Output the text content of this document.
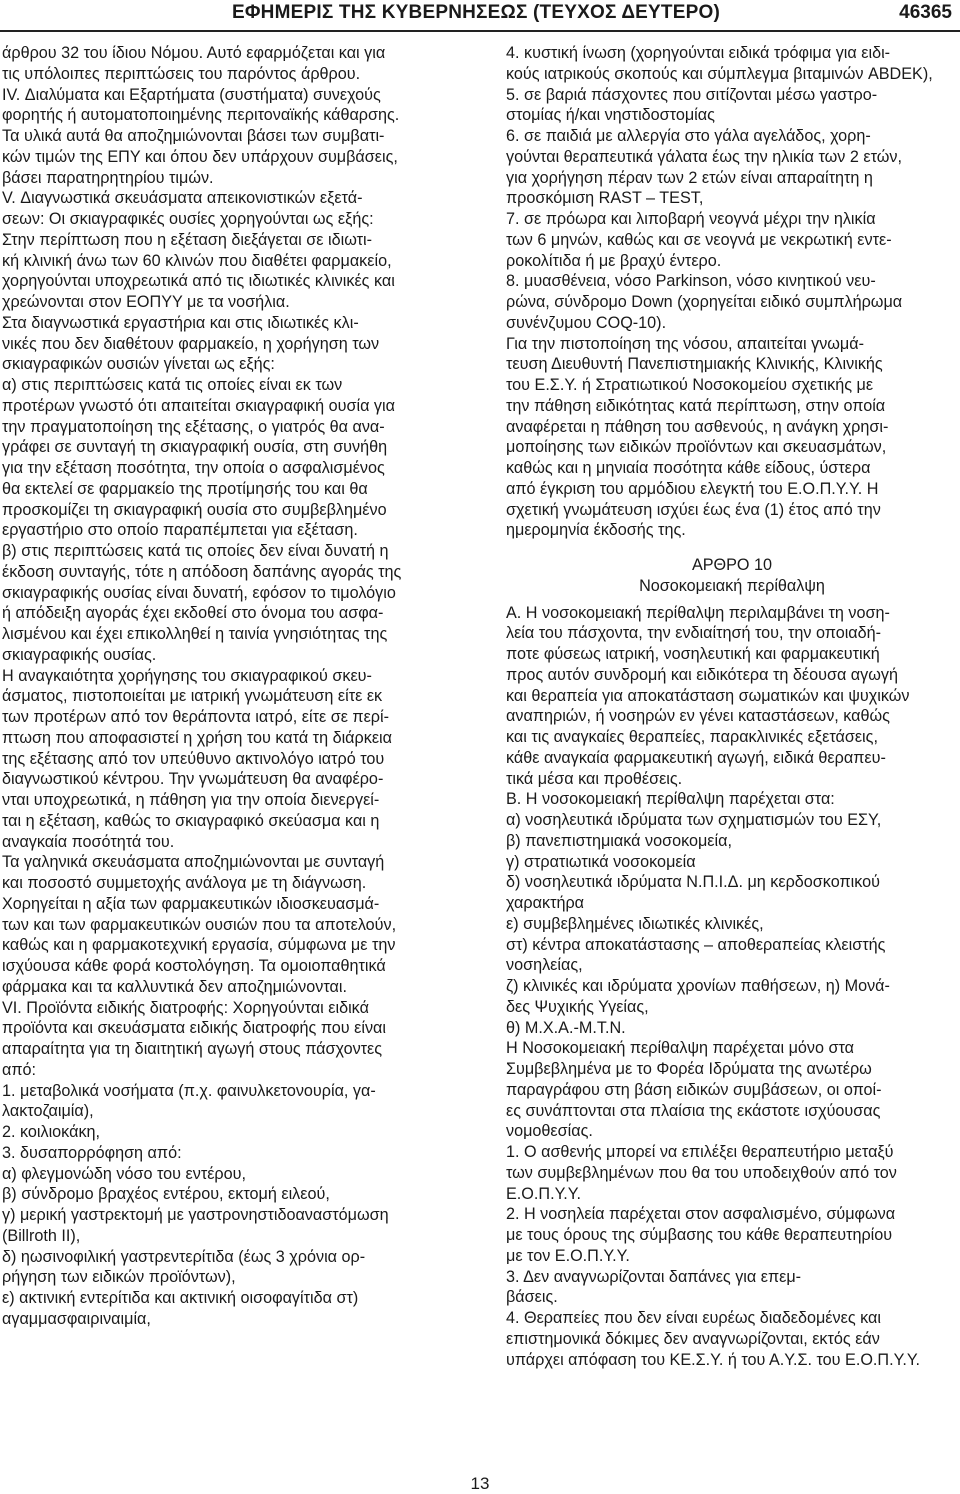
ΕΦΗΜΕΡΙΣ ΤΗΣ ΚΥΒΕΡΝΗΣΕΩΣ (ΤΕΥΧΟΣ ΔΕΥΤΕΡΟ)	46365
άρθρου 32 του ίδιου Νόμου. Αυτό εφαρμόζεται και για
τις υπόλοιπες περιπτώσεις του παρόντος άρθρου.
IV. Διαλύματα και Εξαρτήματα (συστήματα) συνεχούς
φορητής ή αυτοματοποιημένης περιτοναϊκής κάθαρσης.
Τα υλικά αυτά θα αποζημιώνονται βάσει των συμβατι-
κών τιμών της ΕΠΥ και όπου δεν υπάρχουν συμβάσεις,
βάσει παρατηρητηρίου τιμών.
V. Διαγνωστικά σκευάσματα απεικονιστικών εξετά-
σεων: Οι σκιαγραφικές ουσίες χορηγούνται ως εξής:
Στην περίπτωση που η εξέταση διεξάγεται σε ιδιωτι-
κή κλινική άνω των 60 κλινών που διαθέτει φαρμακείο,
χορηγούνται υποχρεωτικά από τις ιδιωτικές κλινικές και
χρεώνονται στον ΕΟΠΥΥ με τα νοσήλια.
Στα διαγνωστικά εργαστήρια και στις ιδιωτικές κλι-
νικές που δεν διαθέτουν φαρμακείο, η χορήγηση των
σκιαγραφικών ουσιών γίνεται ως εξής:
α) στις περιπτώσεις κατά τις οποίες είναι εκ των
προτέρων γνωστό ότι απαιτείται σκιαγραφική ουσία για
την πραγματοποίηση της εξέτασης, ο γιατρός θα ανα-
γράφει σε συνταγή τη σκιαγραφική ουσία, στη συνήθη
για την εξέταση ποσότητα, την οποία ο ασφαλισμένος
θα εκτελεί σε φαρμακείο της προτίμησής του και θα
προσκομίζει τη σκιαγραφική ουσία στο συμβεβλημένο
εργαστήριο στο οποίο παραπέμπεται για εξέταση.
β) στις περιπτώσεις κατά τις οποίες δεν είναι δυνατή η
έκδοση συνταγής, τότε η απόδοση δαπάνης αγοράς της
σκιαγραφικής ουσίας είναι δυνατή, εφόσον το τιμολόγιο
ή απόδειξη αγοράς έχει εκδοθεί στο όνομα του ασφα-
λισμένου και έχει επικολληθεί η ταινία γνησιότητας της
σκιαγραφικής ουσίας.
Η αναγκαιότητα χορήγησης του σκιαγραφικού σκευ-
άσματος, πιστοποιείται με ιατρική γνωμάτευση είτε εκ
των προτέρων από τον θεράποντα ιατρό, είτε σε περί-
πτωση που αποφασιστεί η χρήση του κατά τη διάρκεια
της εξέτασης από τον υπεύθυνο ακτινολόγο ιατρό του
διαγνωστικού κέντρου. Την γνωμάτευση θα αναφέρο-
νται υποχρεωτικά, η πάθηση για την οποία διενεργεί-
ται η εξέταση, καθώς το σκιαγραφικό σκεύασμα και η
αναγκαία ποσότητά του.
Τα γαληνικά σκευάσματα αποζημιώνονται με συνταγή
και ποσοστό συμμετοχής ανάλογα με τη διάγνωση.
Χορηγείται η αξία των φαρμακευτικών ιδιοσκευασμά-
των και των φαρμακευτικών ουσιών που τα αποτελούν,
καθώς και η φαρμακοτεχνική εργασία, σύμφωνα με την
ισχύουσα κάθε φορά κοστολόγηση. Τα ομοιοπαθητικά
φάρμακα και τα καλλυντικά δεν αποζημιώνονται.
VI. Προϊόντα ειδικής διατροφής: Χορηγούνται ειδικά
προϊόντα και σκευάσματα ειδικής διατροφής που είναι
απαραίτητα για τη διαιτητική αγωγή στους πάσχοντες
από:
1. μεταβολικά νοσήματα (π.χ. φαινυλκετονουρία, γα-
λακτοζαιμία),
2. κοιλιοκάκη,
3. δυσαπορρόφηση από:
α) φλεγμονώδη νόσο του εντέρου,
β) σύνδρομο βραχέος εντέρου, εκτομή ειλεού,
γ) μερική γαστρεκτομή με γαστρονηστιδοαναστόμωση
(Billroth II),
δ) ηωσινοφιλική γαστρεντερίτιδα (έως 3 χρόνια ορ-
ρήγηση των ειδικών προϊόντων),
ε) ακτινική εντερίτιδα και ακτινική οισοφαγίτιδα στ)
αγαμμασφαιριναιμία,
4. κυστική ίνωση (χορηγούνται ειδικά τρόφιμα για ειδι-
κούς ιατρικούς σκοπούς και σύμπλεγμα βιταμινών ABDEK),
5. σε βαριά πάσχοντες που σιτίζονται μέσω γαστρο-
στομίας ή/και νηστιδοστομίας
6. σε παιδιά με αλλεργία στο γάλα αγελάδος, χορη-
γούνται θεραπευτικά γάλατα έως την ηλικία των 2 ετών,
για χορήγηση πέραν των 2 ετών είναι απαραίτητη η
προσκόμιση RAST – TEST,
7. σε πρόωρα και λιποβαρή νεογνά μέχρι την ηλικία
των 6 μηνών, καθώς και σε νεογνά με νεκρωτική εντε-
ροκολίτιδα ή με βραχύ έντερο.
8. μυασθένεια, νόσο Parkinson, νόσο κινητικού νευ-
ρώνα, σύνδρομο Down (χορηγείται ειδικό συμπλήρωμα
συνένζυμου COQ-10).
Για την πιστοποίηση της νόσου, απαιτείται γνωμά-
τευση Διευθυντή Πανεπιστημιακής Κλινικής, Κλινικής
του Ε.Σ.Υ. ή Στρατιωτικού Νοσοκομείου σχετικής με
την πάθηση ειδικότητας κατά περίπτωση, στην οποία
αναφέρεται η πάθηση του ασθενούς, η ανάγκη χρησι-
μοποίησης των ειδικών προϊόντων και σκευασμάτων,
καθώς και η μηνιαία ποσότητα κάθε είδους, ύστερα
από έγκριση του αρμόδιου ελεγκτή του Ε.Ο.Π.Υ.Υ. Η
σχετική γνωμάτευση ισχύει έως ένα (1) έτος από την
ημερομηνία έκδοσής της.
ΑΡΘΡΟ 10
Νοσοκομειακή περίθαλψη
Α. Η νοσοκομειακή περίθαλψη περιλαμβάνει τη νοση-
λεία του πάσχοντα, την ενδιαίτησή του, την οποιαδή-
ποτε φύσεως ιατρική, νοσηλευτική και φαρμακευτική
προς αυτόν συνδρομή και ειδικότερα τη δέουσα αγωγή
και θεραπεία για αποκατάσταση σωματικών και ψυχικών
αναπηριών, ή νοσηρών εν γένει καταστάσεων, καθώς
και τις αναγκαίες θεραπείες, παρακλινικές εξετάσεις,
κάθε αναγκαία φαρμακευτική αγωγή, ειδικά θεραπευ-
τικά μέσα και προθέσεις.
Β. Η νοσοκομειακή περίθαλψη παρέχεται στα:
α) νοσηλευτικά ιδρύματα των σχηματισμών του ΕΣΥ,
β) πανεπιστημιακά νοσοκομεία,
γ) στρατιωτικά νοσοκομεία
δ) νοσηλευτικά ιδρύματα Ν.Π.Ι.Δ. μη κερδοσκοπικού
χαρακτήρα
ε) συμβεβλημένες ιδιωτικές κλινικές,
στ) κέντρα αποκατάστασης – αποθεραπείας κλειστής
νοσηλείας,
ζ) κλινικές και ιδρύματα χρονίων παθήσεων, η) Μονά-
δες Ψυχικής Υγείας,
θ) Μ.Χ.Α.-Μ.Τ.Ν.
Η Νοσοκομειακή περίθαλψη παρέχεται μόνο στα
Συμβεβλημένα με το Φορέα Ιδρύματα της ανωτέρω
παραγράφου στη βάση ειδικών συμβάσεων, οι οποί-
ες συνάπτονται στα πλαίσια της εκάστοτε ισχύουσας
νομοθεσίας.
1. Ο ασθενής μπορεί να επιλέξει θεραπευτήριο μεταξύ
των συμβεβλημένων που θα του υποδειχθούν από τον
Ε.Ο.Π.Υ.Υ.
2. Η νοσηλεία παρέχεται στον ασφαλισμένο, σύμφωνα
με τους όρους της σύμβασης του κάθε θεραπευτηρίου
με τον Ε.Ο.Π.Υ.Υ.
3. Δεν αναγνωρίζονται δαπάνες για επεμ-
βάσεις.
4. Θεραπείες που δεν είναι ευρέως διαδεδομένες και
επιστημονικά δόκιμες δεν αναγνωρίζονται, εκτός εάν
υπάρχει απόφαση του ΚΕ.Σ.Υ. ή του Α.Υ.Σ. του Ε.Ο.Π.Υ.Υ.
13
